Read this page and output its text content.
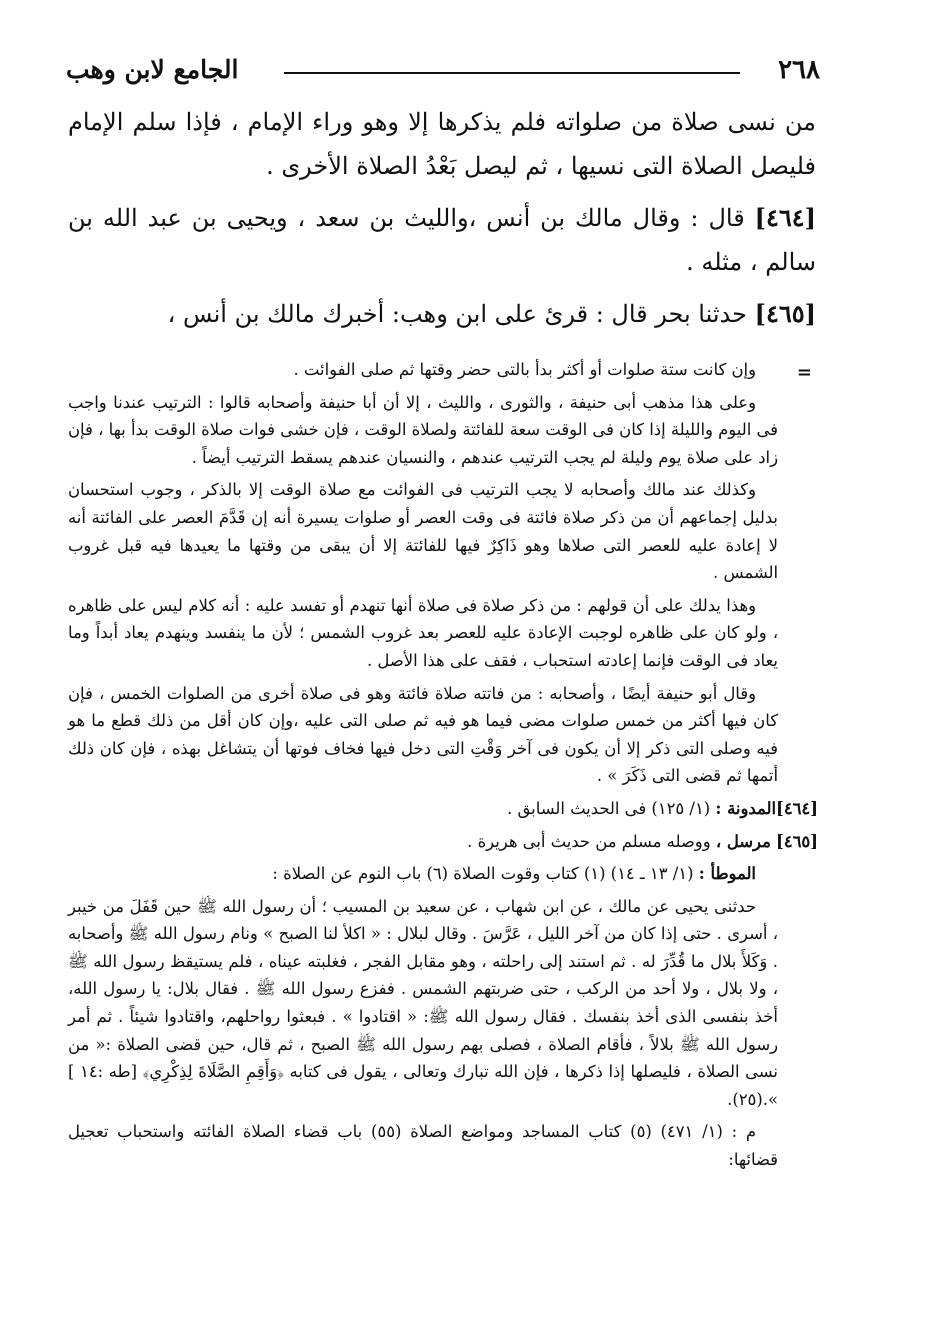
٢٦٨
الجامع لابن وهب

من نسى صلاة من صلواته فلم يذكرها إلا وهو وراء الإمام ، فإذا سلم الإمام فليصل الصلاة التى نسيها ، ثم ليصل بَعْدُ الصلاة الأخرى .

[٤٦٤] قال : وقال مالك بن أنس ،والليث بن سعد ، ويحيى بن عبد الله بن سالم ، مثله .

[٤٦٥] حدثنا بحر قال : قرئ على ابن وهب: أخبرك مالك بن أنس ،

=

وإن كانت ستة صلوات أو أكثر بدأ بالتى حضر وقتها ثم صلى الفوائت .

وعلى هذا مذهب أبى حنيفة ، والثورى ، والليث ، إلا أن أبا حنيفة وأصحابه قالوا : الترتيب عندنا واجب فى اليوم والليلة إذا كان فى الوقت سعة للفائتة ولصلاة الوقت ، فإن خشى فوات صلاة الوقت بدأ بها ، فإن زاد على صلاة يوم وليلة لم يجب الترتيب عندهم ، والنسيان عندهم يسقط الترتيب أيضاً .

وكذلك عند مالك وأصحابه لا يجب الترتيب فى الفوائت مع صلاة الوقت إلا بالذكر ، وجوب استحسان بدليل إجماعهم أن من ذكر صلاة فائتة فى وقت العصر أو صلوات يسيرة أنه إن قَدَّمَ العصر على الفائتة أنه لا إعادة عليه للعصر التى صلاها وهو ذَاكِرٌ فيها للفائتة إلا أن يبقى من وقتها ما يعيدها فيه قبل غروب الشمس .

وهذا يدلك على أن قولهم : من ذكر صلاة فى صلاة أنها تنهدم أو تفسد عليه : أنه كلام ليس على ظاهره ، ولو كان على ظاهره لوجبت الإعادة عليه للعصر بعد غروب الشمس ؛ لأن ما ينفسد وينهدم يعاد أبداً وما يعاد فى الوقت فإنما إعادته استحباب ، فقف على هذا الأصل .

وقال أبو حنيفة أيضًا ، وأصحابه : من فاتته صلاة فائتة وهو فى صلاة أخرى من الصلوات الخمس ، فإن كان فيها أكثر من خمس صلوات مضى فيما هو فيه ثم صلى التى عليه ،وإن كان أقل من ذلك قطع ما هو فيه وصلى التى ذكر إلا أن يكون فى آخر وَقْتِ التى دخل فيها فخاف فوتها أن يتشاغل بهذه ، فإن كان ذلك أتمها ثم قضى التى ذَكَرَ » .

[٤٦٤]المدونة : (١/ ١٢٥) فى الحديث السابق .

[٤٦٥] مرسل ، ووصله مسلم من حديث أبى هريرة .

الموطأ : (١/ ١٣ ـ ١٤) (١) كتاب وقوت الصلاة (٦) باب النوم عن الصلاة :

حدثنى يحيى عن مالك ، عن ابن شهاب ، عن سعيد بن المسيب ؛ أن رسول الله ﷺ حين قَفَلَ من خيبر ، أسرى . حتى إذا كان من آخر الليل ، عَرَّسَ . وقال لبلال : « اكلأ لنا الصبح » ونام رسول الله ﷺ وأصحابه . وَكَلأَ بلال ما قُدِّرَ له . ثم استند إلى راحلته ، وهو مقابل الفجر ، فغلبته عيناه ، فلم يستيقظ رسول الله ﷺ ، ولا بلال ، ولا أحد من الركب ، حتى ضربتهم الشمس . ففزع رسول الله ﷺ . فقال بلال: يا رسول الله، أخذ بنفسى الذى أخذ بنفسك . فقال رسول الله ﷺ: « اقتادوا » . فبعثوا رواحلهم، واقتادوا شيئاً . ثم أمر رسول الله ﷺ بلالاً ، فأقام الصلاة ، فصلى بهم رسول الله ﷺ الصبح ، ثم قال، حين قضى الصلاة :« من نسى الصلاة ، فليصلها إذا ذكرها ، فإن الله تبارك وتعالى ، يقول فى كتابه ﴿وَأَقِمِ الصَّلَاةَ لِذِكْرِي﴾ [طه :١٤ ] ».(٢٥).

م : (١/ ٤٧١) (٥) كتاب المساجد ومواضع الصلاة (٥٥) باب قضاء الصلاة الفائته واستحباب تعجيل قضائها:
